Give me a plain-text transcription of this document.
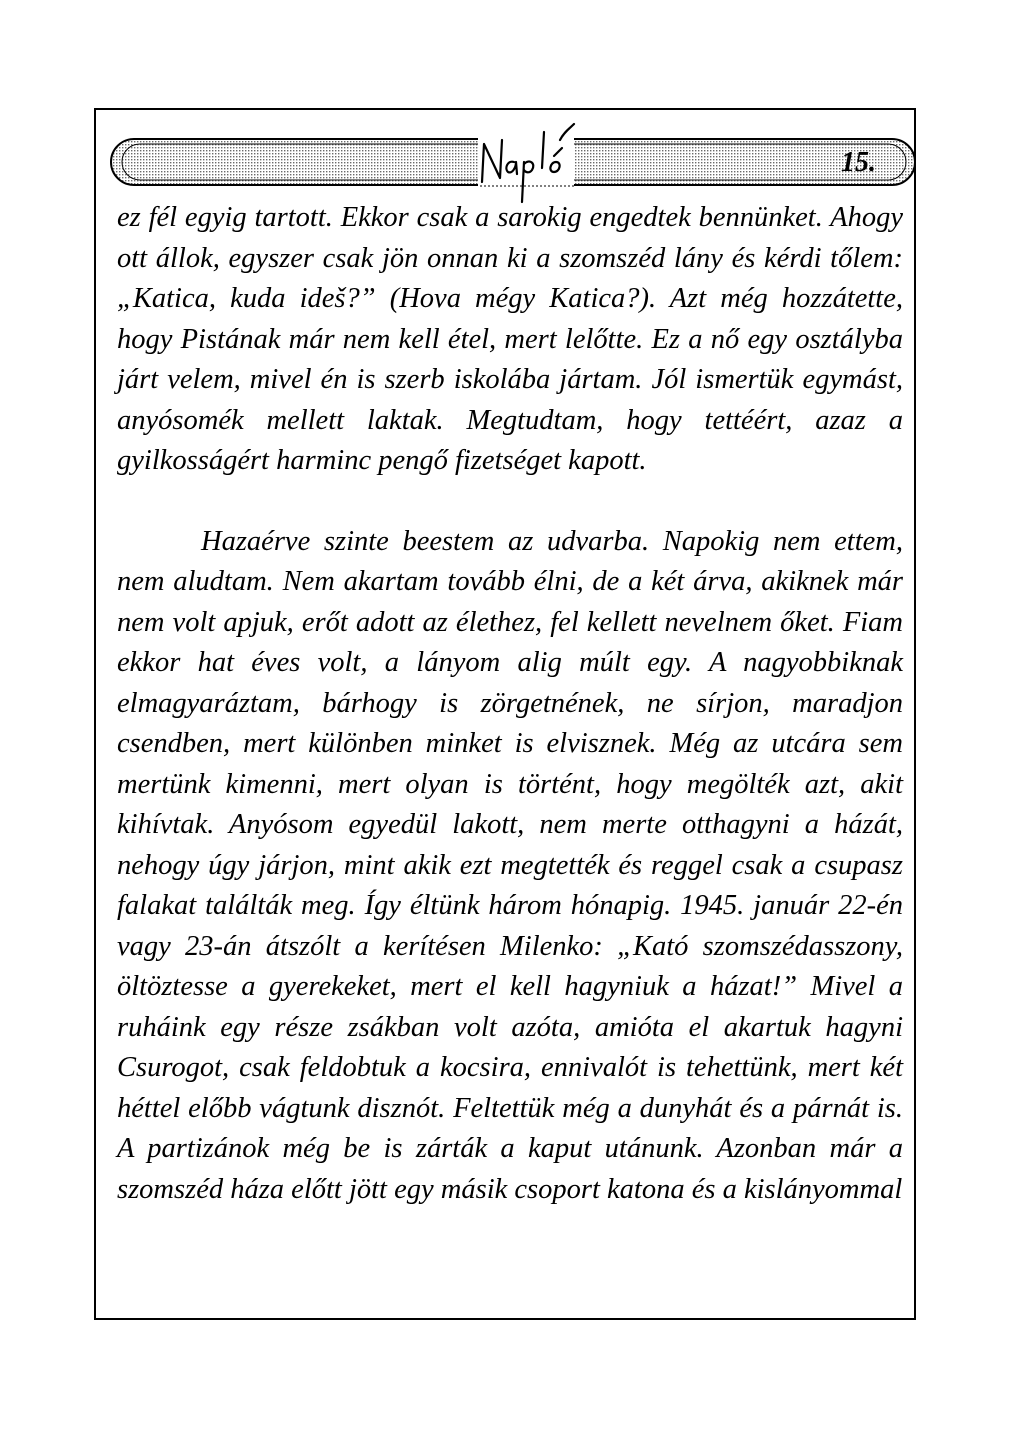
15.

ez fél egyig tartott. Ekkor csak a sarokig engedtek bennünket. Ahogy ott állok, egyszer csak jön onnan ki a szomszéd lány és kérdi tőlem: „Katica, kuda ideš?” (Hova mégy Katica?). Azt még hozzátette, hogy Pistának már nem kell étel, mert lelőtte. Ez a nő egy osztályba járt velem, mivel én is szerb iskolába jártam. Jól ismertük egymást, anyósomék mellett laktak. Megtudtam, hogy tettéért, azaz a gyilkosságért harminc pengő fizetséget kapott.

Hazaérve szinte beestem az udvarba. Napokig nem ettem, nem aludtam. Nem akartam tovább élni, de a két árva, akiknek már nem volt apjuk, erőt adott az élethez, fel kellett nevelnem őket. Fiam ekkor hat éves volt, a lányom alig múlt egy. A nagyobbiknak elmagyaráztam, bárhogy is zörgetnének, ne sírjon, maradjon csendben, mert különben minket is elvisznek. Még az utcára sem mertünk kimenni, mert olyan is történt, hogy megölték azt, akit kihívtak. Anyósom egyedül lakott, nem merte otthagyni a házát, nehogy úgy járjon, mint akik ezt megtették és reggel csak a csupasz falakat találták meg. Így éltünk három hónapig. 1945. január 22-én vagy 23-án átszólt a kerítésen Milenko: „Kató szomszédasszony, öltöztesse a gyerekeket, mert el kell hagyniuk a házat!” Mivel a ruháink egy része zsákban volt azóta, amióta el akartuk hagyni Csurogot, csak feldobtuk a kocsira, ennivalót is tehettünk, mert két héttel előbb vágtunk disznót. Feltettük még a dunyhát és a párnát is. A partizánok még be is zárták a kaput utánunk. Azonban már a szomszéd háza előtt jött egy másik csoport katona és a kislányommal
